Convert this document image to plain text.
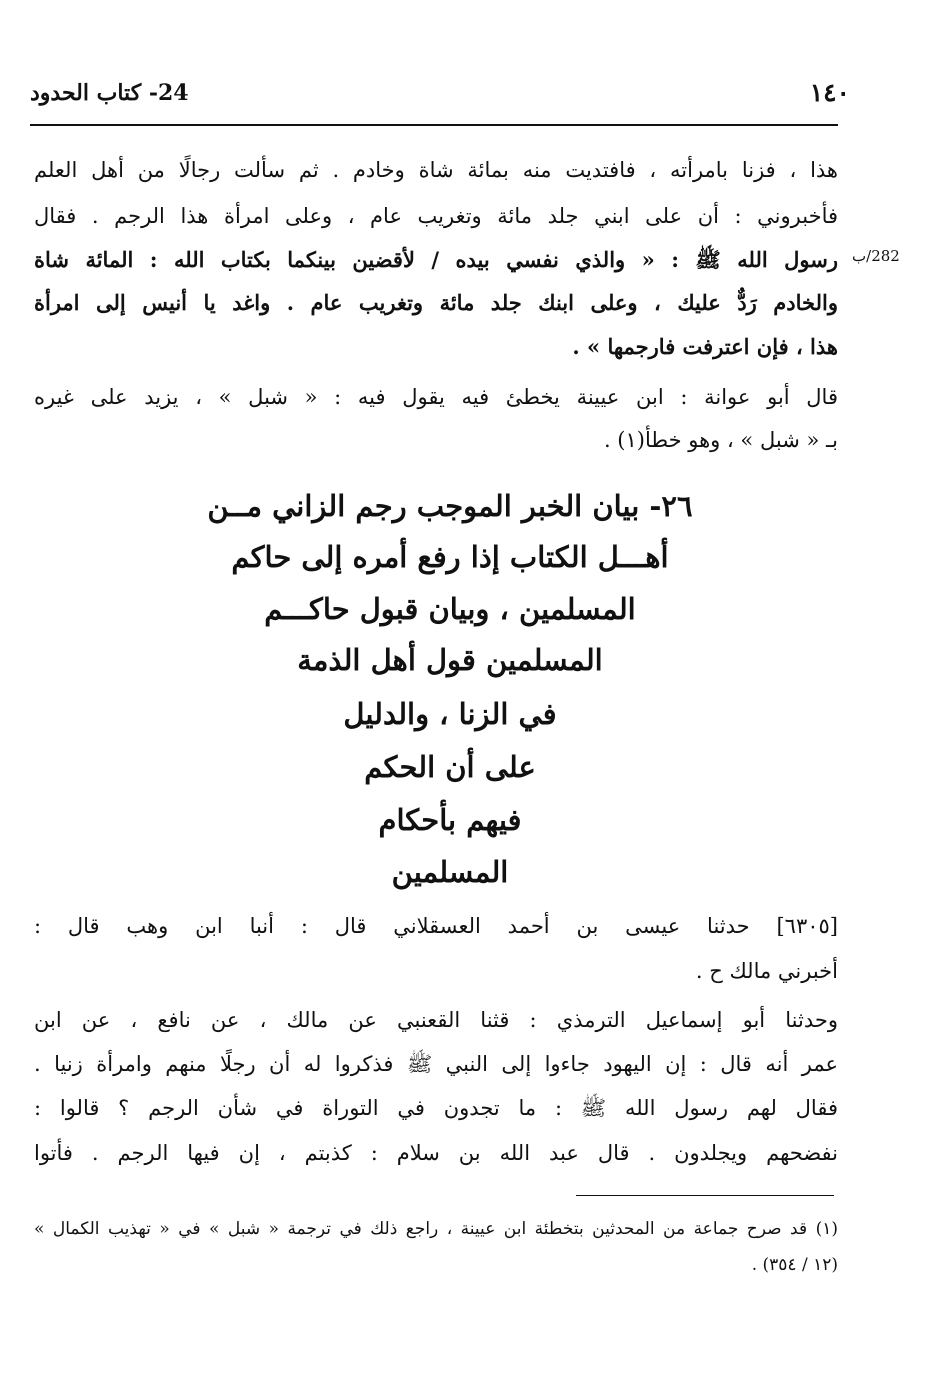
١٤٠
24- كتاب الحدود
هذا ، فزنا بامرأته ، فافتديت منه بمائة شاة وخادم . ثم سألت رجالًا من أهل العلم
فأخبروني : أن على ابني جلد مائة وتغريب عام ، وعلى امرأة هذا الرجم . فقال
رسول الله ﷺ : « والذي نفسي بيده / لأقضين بينكما بكتاب الله : المائة شاة 282/ب
والخادم رَدٌّ عليك ، وعلى ابنك جلد مائة وتغريب عام . واغد يا أنيس إلى امرأة
هذا ، فإن اعترفت فارجمها » .
قال أبو عوانة : ابن عيينة يخطئ فيه يقول فيه : « شبل » ، يزيد على غيره
بـ « شبل » ، وهو خطأ(١) .
٢٦- بيان الخبر الموجب رجم الزاني مــن
أهـــل الكتاب إذا رفع أمره إلى حاكم
المسلمين ، وبيان قبول حاكـــم
المسلمين قول أهل الذمة
في الزنا ، والدليل
على أن الحكم
فيهم بأحكام
المسلمين
[٦٣٠٥] حدثنا عيسى بن أحمد العسقلاني قال : أنبا ابن وهب قال :
أخبرني مالك ح .
وحدثنا أبو إسماعيل الترمذي : قثنا القعنبي عن مالك ، عن نافع ، عن ابن
عمر أنه قال : إن اليهود جاءوا إلى النبي ﷺ فذكروا له أن رجلًا منهم وامرأة زنيا .
فقال لهم رسول الله ﷺ : ما تجدون في التوراة في شأن الرجم ؟ قالوا :
نفضحهم ويجلدون . قال عبد الله بن سلام : كذبتم ، إن فيها الرجم . فأتوا
(١) قد صرح جماعة من المحدثين بتخطئة ابن عيينة ، راجع ذلك في ترجمة « شبل » في « تهذيب الكمال »
(١٢ / ٣٥٤) .
